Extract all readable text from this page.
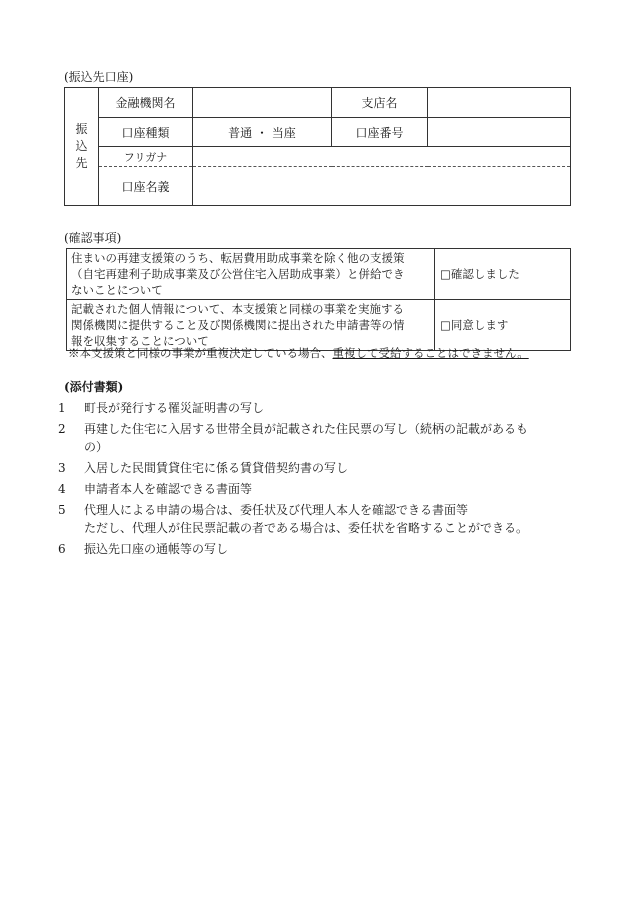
(振込先口座)
振
込
先	金融機関名		支店名	
	口座種類	普通 ・ 当座	口座番号	
	フリガナ			
	口座名義			
(確認事項)
住まいの再建支援策のうち、転居費用助成事業を除く他の支援策
（自宅再建利子助成事業及び公営住宅入居助成事業）と併給でき
ないことについて	□確認しました

記載された個人情報について、本支援策と同様の事業を実施する
関係機関に提供すること及び関係機関に提出された申請書等の情
報を収集することについて	□同意します
※本支援策と同様の事業が重複決定している場合、重複して受給することはできません。
(添付書類)
1	町長が発行する罹災証明書の写し
2	再建した住宅に入居する世帯全員が記載された住民票の写し（続柄の記載があるも
の）
3	入居した民間賃貸住宅に係る賃貸借契約書の写し
4	申請者本人を確認できる書面等
5	代理人による申請の場合は、委任状及び代理人本人を確認できる書面等
ただし、代理人が住民票記載の者である場合は、委任状を省略することができる。
6	振込先口座の通帳等の写し
